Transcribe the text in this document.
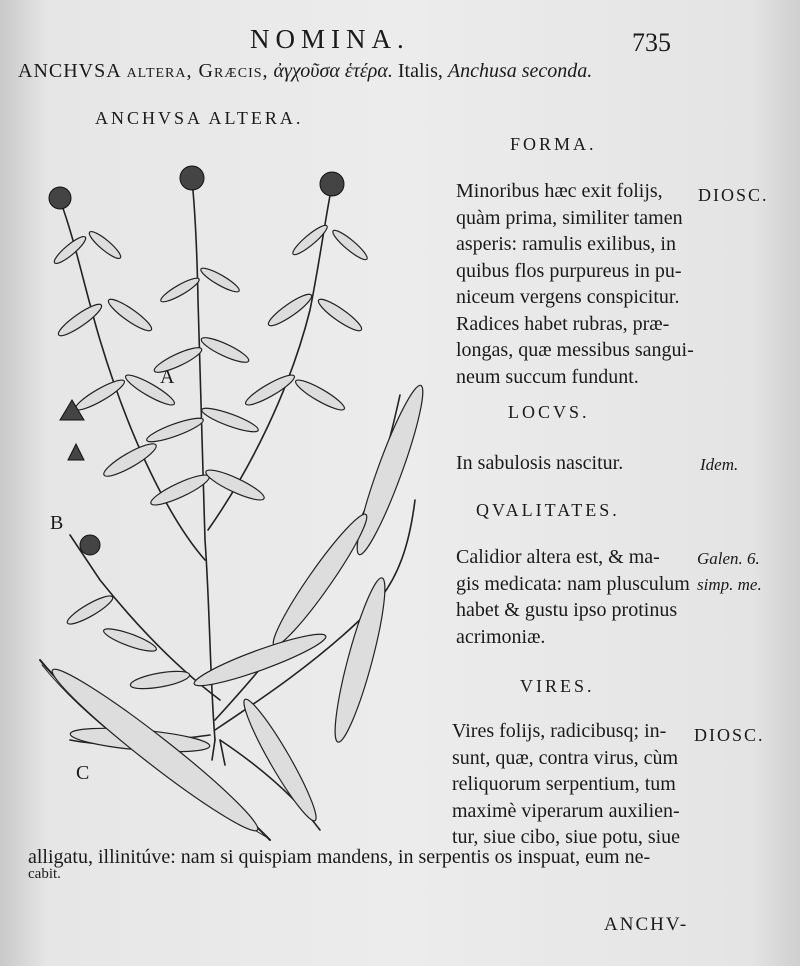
NOMINA.	735
ANCHVSA altera, Græcis, ἀγχοῦσα ἑτέρα. Italis, Anchusa seconda.
ANCHVSA ALTERA.
A
B
C
FORMA.
Minoribus hæc exit folijs,
quàm prima, similiter tamen
asperis: ramulis exilibus, in
quibus flos purpureus in pu-
niceum vergens conspicitur.
Radices habet rubras, præ-
longas, quæ messibus sangui-
neum succum fundunt.
DIOSC.
LOCVS.
In sabulosis nascitur.	Idem.
QVALITATES.
Calidior altera est, & ma-
gis medicata: nam plusculum
habet & gustu ipso protinus
acrimoniæ.
Galen. 6.
simp. me.
VIRES.
Vires folijs, radicibusq; in-
sunt, quæ, contra virus, cùm
reliquorum serpentium, tum
maximè viperarum auxilien-
tur, siue cibo, siue potu, siue
DIOSC.
alligatu, illinitúve: nam si quispiam mandens, in serpentis os inspuat, eum ne-
cabit.
ANCHV-
